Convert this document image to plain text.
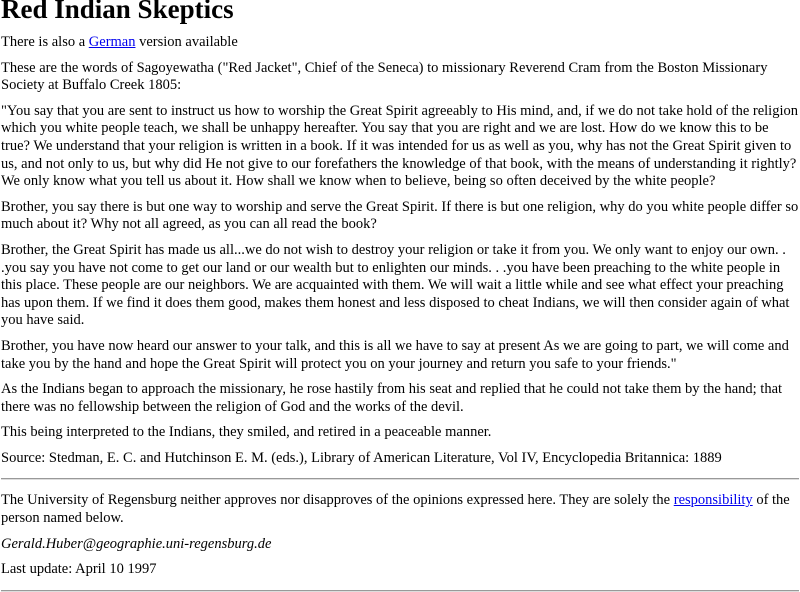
Red Indian Skeptics

There is also a German version available

These are the words of Sagoyewatha ("Red Jacket", Chief of the Seneca) to missionary Reverend Cram from the Boston Missionary Society at Buffalo Creek 1805:

"You say that you are sent to instruct us how to worship the Great Spirit agreeably to His mind, and, if we do not take hold of the religion which you white people teach, we shall be unhappy hereafter. You say that you are right and we are lost. How do we know this to be true? We understand that your religion is written in a book. If it was intended for us as well as you, why has not the Great Spirit given to us, and not only to us, but why did He not give to our forefathers the knowledge of that book, with the means of understanding it rightly? We only know what you tell us about it. How shall we know when to believe, being so often deceived by the white people?

Brother, you say there is but one way to worship and serve the Great Spirit. If there is but one religion, why do you white people differ so much about it? Why not all agreed, as you can all read the book?

Brother, the Great Spirit has made us all...we do not wish to destroy your religion or take it from you. We only want to enjoy our own. . .you say you have not come to get our land or our wealth but to enlighten our minds. . .you have been preaching to the white people in this place. These people are our neighbors. We are acquainted with them. We will wait a little while and see what effect your preaching has upon them. If we find it does them good, makes them honest and less disposed to cheat Indians, we will then consider again of what you have said.

Brother, you have now heard our answer to your talk, and this is all we have to say at present As we are going to part, we will come and take you by the hand and hope the Great Spirit will protect you on your journey and return you safe to your friends."

As the Indians began to approach the missionary, he rose hastily from his seat and replied that he could not take them by the hand; that there was no fellowship between the religion of God and the works of the devil.

This being interpreted to the Indians, they smiled, and retired in a peaceable manner.

Source: Stedman, E. C. and Hutchinson E. M. (eds.), Library of American Literature, Vol IV, Encyclopedia Britannica: 1889

The University of Regensburg neither approves nor disapproves of the opinions expressed here. They are solely the responsibility of the person named below.

Gerald.Huber@geographie.uni-regensburg.de

Last update: April 10 1997
